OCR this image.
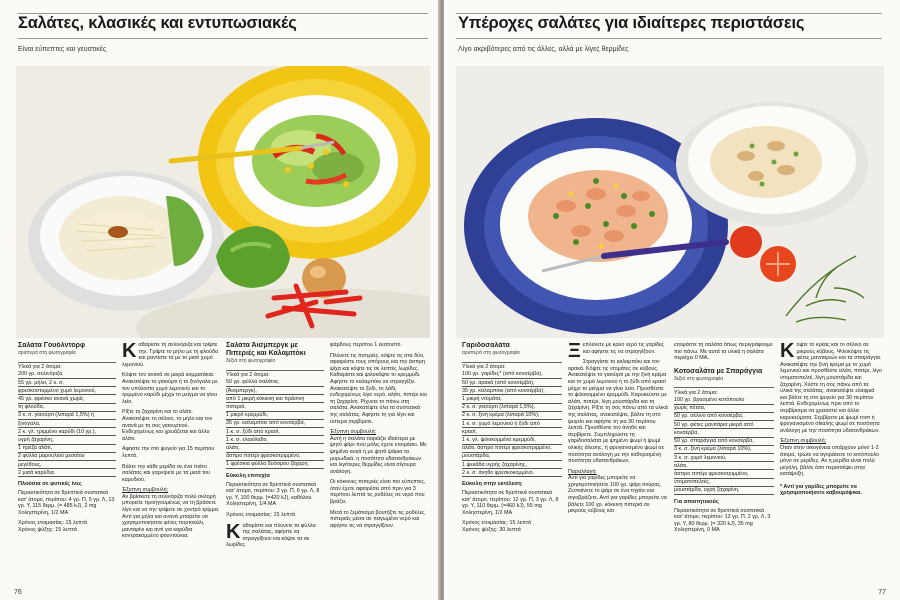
Σαλάτες, κλασικές και εντυπωσιακές
Είναι εύπεπτες και γευστικές
Σαλάτα Γουόλντορφ
αριστερά στη φωτογραφία
Υλικά για 2 άτομα:
200 γρ. σελινόριζα,
55 γρ. μήλο, 2 κ. σ.
φρεσκοστυμμένο χυμό λεμονιού,
45 γρ. φρέσκο ανανά χωρίς
τη φλούδα,
3 κ. σ. γιαούρτι (λιπαρά 1,5%) ή
ξινόγαλα,
2 κ. γλ. τριμμένο καρύδι (10 γρ.),
υγρή ζαχαρίνη,
1 πρέζα αλάτι,
2 φύλλα μαρουλιού μεσαίου
μεγέθους,
2 μισά καρύδια.
Πλούσια σε φυτικές ίνες

Περιεκτικότητα σε θρεπτικά συστατικά κατ' άτομο, περίπου: 4 γρ. Π, 5 γρ. Λ, 13 γρ. Υ, 115 θερμ. (= 485 kJ), 2 mg Χοληστερίνη, 1/2 ΜΑ

Χρόνος ετοιμασίας: 15 λεπτά

Χρόνος ψύξης: 15 λεπτά

Καθαρίστε τη σελινόριζα και τρίψτε την. Τρίψτε το μήλο με τη φλούδα και ραντίστε τα με το μισό χυμό λεμονιού.

Κόψτε τον ανανά σε μικρά κομματάκια. Ανακατέψτε το γιαούρτι ή το ξινόγαλα με τον υπόλοιπο χυμό λεμονιού και το τριμμένο καρύδι μέχρι το μείγμα να γίνει λείο.

Ρίξτε τη ζαχαρίνη και το αλάτι. Ανακατέψτε τη σέλινο, το μήλο και τον ανανά με τη σος γιαουρτιού. Ενδεχομένως και χρειάζεται και άλλο αλάτι.

Αφήστε την στο ψυγείο για 15 περίπου λεπτά.

Βάλτε την κάθε μερίδα σε ένα πιάτο σαλάτας και γαρνίρετε με τα μισά του καρυδιού.

Έξυπνη συμβουλή:

Αν βρίσκετε τη σελινόριζα πολύ σκληρή μπορείτε προηγουμένως να τη βράσετε λίγο και να την τρίψετε σε χοντρό τρίμμα. Αντί για μήλα και ανανά μπορείτε να χρησιμοποιήσετε φέτες πορτοκάλι, μανταρίνι και αντί για καρύδια κοντρακομμένο φουντούκια.

Σαλάτα Άισμπεργκ με Πιπεριές και Καλαμπόκι
δεξιά στη φωτογραφία
Υλικά για 2 άτομα:
50 γρ. φύλλα σαλάτας
(Άισμπεργκ),
από 1 μικρή κόκκινη και πράσινη
πιπεριά,
1 μικρό κρεμμύδι,
35 γρ. καλαμπόκι από κονσέρβα,
1 κ. σ. ξύδι από κρασί,
1 κ. σ. ελαιόλαδο,
αλάτι,
άσπρο πιπέρι φρεσκοτριμμένο,
1 φρέσκια φύλλα δυόσμου ζάχαρη.
Εύκολη επιτυχία

Περιεκτικότητα σε θρεπτικά συστατικά κατ' άτομο, περίπου: 3 γρ. Π, 6 γρ. Λ, 8 γρ. Υ, 100 θερμ. (=420 kJ), καθόλου Χοληστερίνη, 1/4 ΜΑ

Χρόνος ετοιμασίας: 15 λεπτά

Καθαρίστε και πλύνετε τα φύλλα της σαλάτας, αφήστε να στραγγίξουν και κόψτε τα σε λωρίδες

φάρδους περίπου 1 εκατοστό.

Πλύνετε τις πιπεριές, κόψτε τις στα δύο, αφαιρέστε τους σπόρους και την άσπρη ψίχα και κόψτε τις σε λεπτές λωρίδες. Καθαρίστε και ψιλοκόψτε το κρεμμύδι. Αφήστε το καλαμπόκι να στραγγίξει. Ανακατέψτε το ξύδι, το λάδι, ενδεχομένως λίγο νερό, αλάτι, πιπέρι και τη ζαχαρίνη. Ρίχνετε το πάνω στη σαλάτα. Ανακατέψτε όλα τα συστατικά της σαλάτας. Αφήστε τη για λίγο και ύστερα σερβίρετε.

Έξυπνη συμβουλή:

Αυτή η σαλάτα ταιριάζει ιδιαίτερα με ψητό ψάρι που μόλις έχετε ετοιμάσει. Με ψημένα αυγά ή με ψητά ψάρια τα μυρωδικά, η ποσότητα υδατανθράκων και λιγότερες θερμίδες είναι σίγουρα ανάλογη.

Οι κόκκινες πιπεριές είναι πιο εύπεπτες, όταν έχετε αφαιρέσει από πριν για 3 περίπου λεπτά τις ροδέλες σε νερό που βράζει.

Μετά το ζεμάτισμα βουτήξτε τις ροδέλες πιπεριάς μέσα σε παγωμένο νερό και αφήστε τις να στραγγίξουν.

76
Υπέροχες σαλάτες για ιδιαίτερες περιστάσεις
Λίγο ακριβότερες από τις άλλες, αλλά με λίγες θερμίδες
Γαριδοσαλάτα
αριστερά στη φωτογραφία
Υλικά για 2 άτομα:
100 γρ. γαρίδες* (από κονσέρβα),
60 γρ. αρακά (από κονσέρβα),
35 γρ. καλαμπόκι (από κονσέρβα),
1 μικρή ντομάτα,
2 κ. σ. γιαούρτι (λιπαρά 1,5%),
2 κ. σ. ξινή κρέμα (λιπαρά 10%),
1 κ. σ. χυμό λεμονιού ή ξύδι από
κρασί,
1 κ. γλ. ψιλοκομμένα κρεμμύδι,
αλάτι, άσπρο πιπέρι φρεσκοτριμμένο,
μουστάρδα,
1 ψεκάδα υγρής ζαχαρίνης,
2 κ. σ. άνηθο φρεσκοκομμένο.
Εύκολη στην εκτέλεση

Περιεκτικότητα σε θρεπτικά συστατικά κατ' άτομο, περίπου: 12 γρ. Π, 3 γρ. Λ, 8 γρ. Υ, 110 θερμ. (=460 kJ), 55 mg Χοληστερίνη, 1/2 ΜΑ

Χρόνος ετοιμασίας: 15 λεπτά

Χρόνος ψύξης: 30 λεπτά

Ξεπλύνετε με κρύο νερό τις γαρίδες και αφήστε τις να στραγγίξουν.

Στραγγίστε το καλαμπόκι και τον αρακά. Κόψτε τις ντομάτες σε κύβους. Ανακατέψτε το γιαούρτι με την ξινή κρέμα και το χυμό λεμονιού ή το ξύδι από κρασί μέχρι το μείγμα να γίνει λείο. Προσθέστε το ψιλοκομμένο κρεμμύδι. Καρυκεύστε με αλάτι, πιπέρι, λίγη μουστάρδα και τη ζαχαρίνη. Ρίξτε τη σος πάνω από τα υλικά της σαλάτας, ανακατέψτε, βάλτε τη στο ψυγείο και αφήστε τη για 30 περίπου λεπτά. Προσθέστε τον άνηθο και σερβίρετε. Συμπληρώστε τη γαριδοσαλάτα με ψημένο ψωμί ή ψωμί ολικής άλεσης, ή φρυγανισμένο ψωμί σε ποσότητα ανάλογη με την καθορισμένη ποσότητα υδατανθράκων.

Παραλλαγή:

Αντί για γαρίδες μπορείτε να χρησιμοποιήσετε 100 γρ. ψάρι σούρας. Ζεσταίνετε το ψάρι σε ένα τηγάνι και σιγοβράζετε. Αντί για γαρίδες μπορείτε να βάλετε 100 γρ. κόκκινη πιπεριά σε μικρούς κύβους και

ετοιμάστε τη σαλάτα όπως περιγράφουμε πιο πάνω. Με αυτά τα υλικά η σαλάτα περιέχει 0 ΜΑ.

Κοτοσαλάτα με Σπαράγγια
δεξιά στη φωτογραφία
Υλικά για 2 άτομα:
100 γρ. βρασμένο κοτόπουλο
χωρίς πέτσα,
50 γρ. σέλινο από κονσέρβα,
50 γρ. φέτες μανιτάρια μικρά από
κονσέρβα,
50 γρ. σπαράγγια από κονσέρβα,
3 κ. σ. ξινή κρέμα (λιπαρά 10%),
3 κ. σ. χυμό λεμονιού,
αλάτι,
άσπρο πιπέρι φρεσκοτριμμένο,
ντοματοπελτές,
μουστάρδα, υγρή ζαχαρίνη.
Για απαιτητικούς

Περιεκτικότητα σε θρεπτικά συστατικά κατ' άτομο, περίπου: 13 γρ. Π, 2 γρ. Λ, 3 γρ. Υ, 80 θερμ. (= 320 kJ), 35 mg Χοληστερίνη, 0 ΜΑ

Κόψτε το κρέας και το σέλινο σε μικρούς κύβους. Ψιλοκόψτε τις φέτες μανιταριών και τα σπαράγγια. Ανακατέψτε την ξινή κρέμα με το χυμό λεμονιού και προσθέστε αλάτι, πιπέρι, λίγο ντοματοπελτέ, λίγη μουστάρδα και ζαχαρίνη. Χύστε τη σος πάνω από τα υλικά της σαλάτας, ανακατέψτε ελαφριά και βάλτε τη στο ψυγείο για 30 περίπου λεπτά. Ενδεχομένως πριν από το σερβίρισμα να χρειαστεί και άλλα καρυκεύματα. Σερβίρετε με ψωμί τοστ ή φρυγανισμένο σίκαλης ψωμί σε ποσότητα ανάλογη με την ποσότητα υδατανθράκων.

Έξυπνη συμβουλή:

Όταν στην οικογένεια υπάρχουν μόνο 1-2 άτομα, τρώτε να αγοράσετε το κοτόπουλο μόνο σε μερίδες. Αν η μερίδα είναι πολύ μεγάλη, βάλτε όσο περισσέψει στην κατάψυξη.

* Αντί για γαρίδες μπορείτε να χρησιμοποιήσετε καβουρόψικα.

77
